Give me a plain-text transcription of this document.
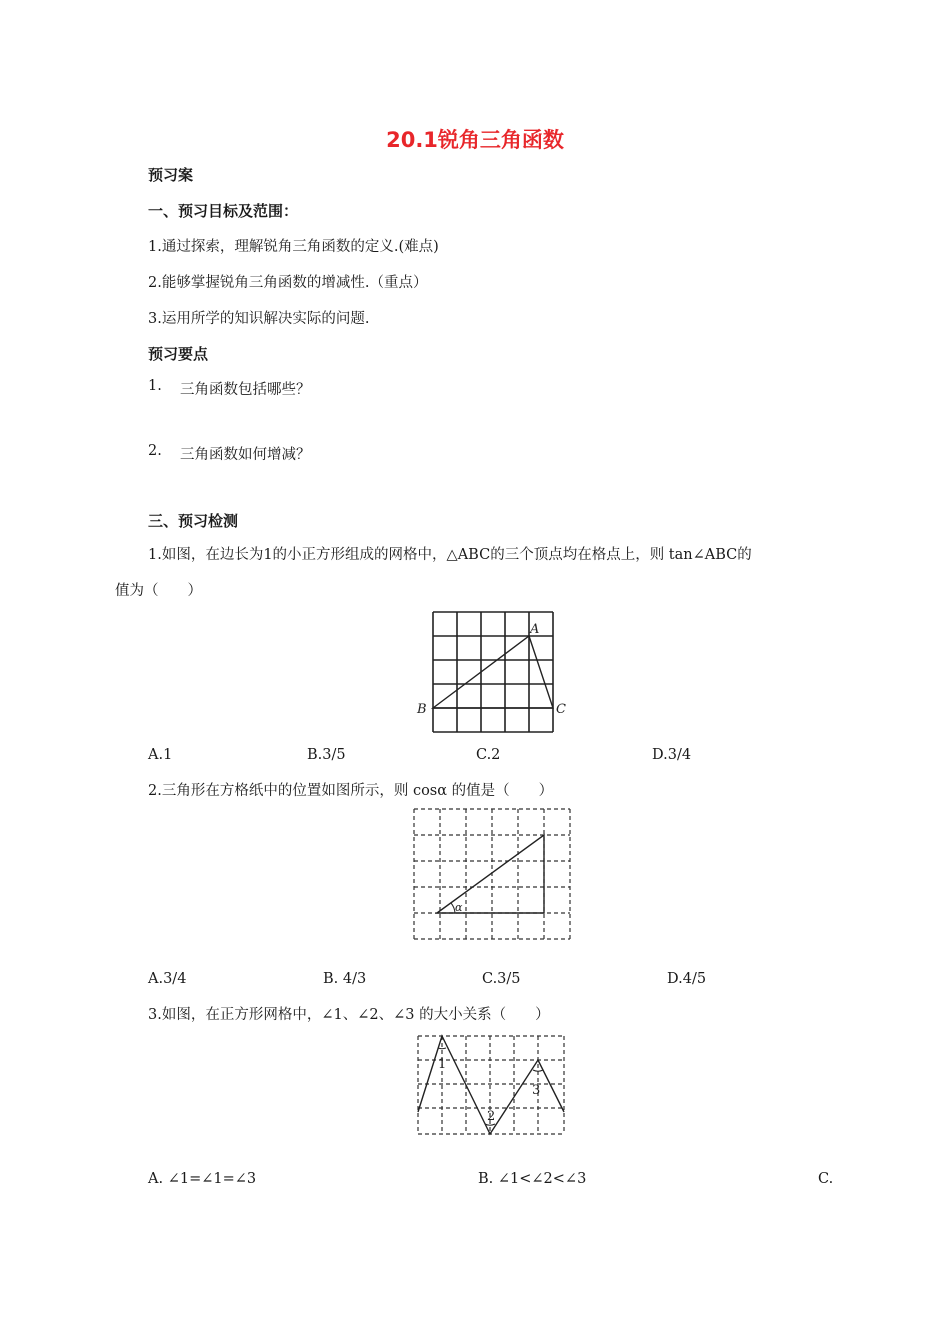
20.1锐角三角函数
预习案
一、预习目标及范围：
1.通过探索，理解锐角三角函数的定义.(难点)
2.能够掌握锐角三角函数的增减性.（重点）
3.运用所学的知识解决实际的问题.
预习要点
1. 三角函数包括哪些？
2. 三角函数如何增减？
三、预习检测
1.如图，在边长为1的小正方形组成的网格中，△ABC的三个顶点均在格点上，则 tan∠ABC的
值为（　　）
A
B	C
A.1	B.3/5	C.2	D.3/4
2.三角形在方格纸中的位置如图所示，则 cosα 的值是（　　）
α
A.3/4	B. 4/3	C.3/5	D.4/5
3.如图，在正方形网格中，∠1、∠2、∠3 的大小关系（　　）
1
2
3
A. ∠1=∠1=∠3	B. ∠1<∠2<∠3	C.
